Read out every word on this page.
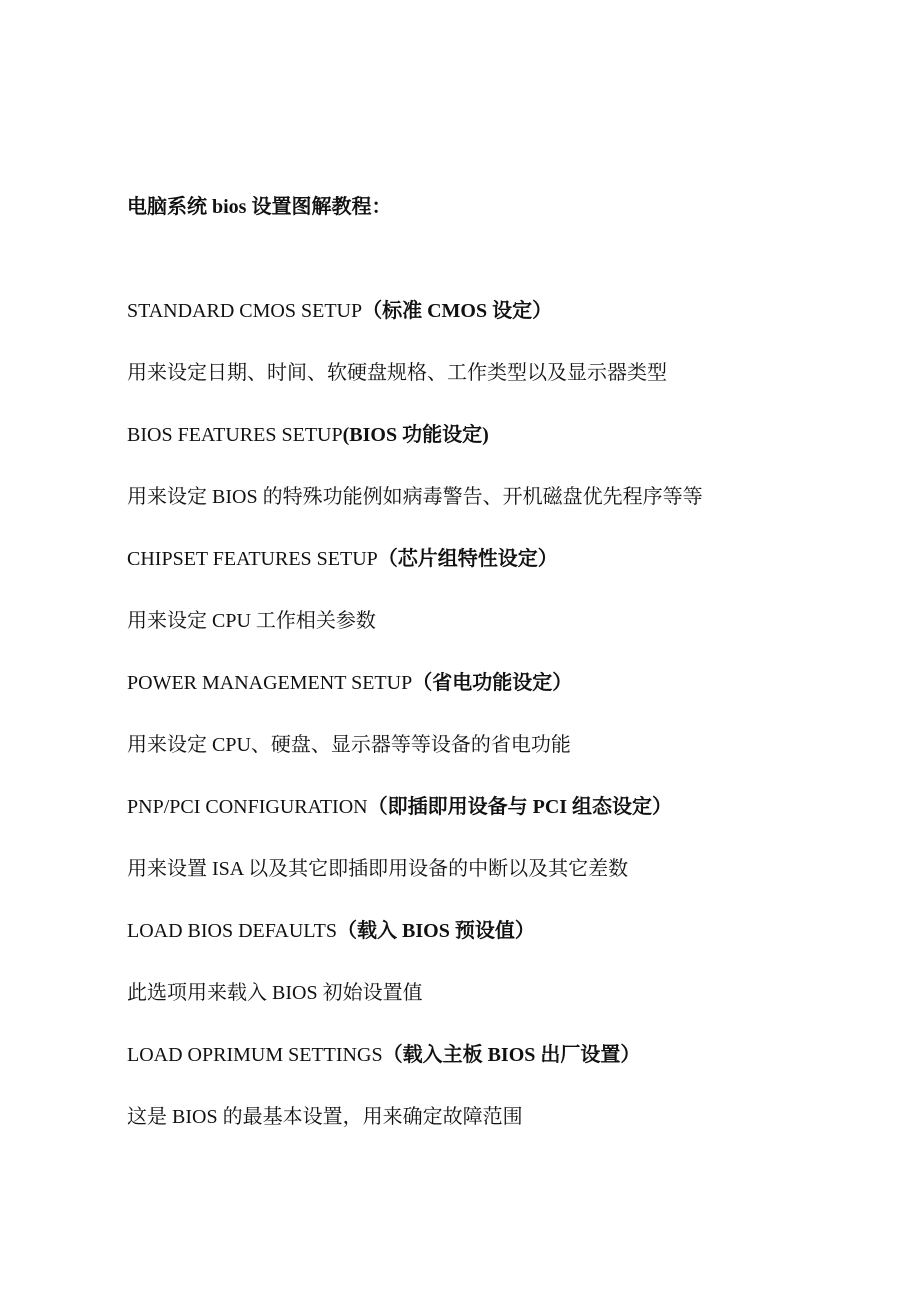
电脑系统 bios 设置图解教程：
STANDARD CMOS SETUP（标准 CMOS 设定）
用来设定日期、时间、软硬盘规格、工作类型以及显示器类型
BIOS FEATURES SETUP(BIOS 功能设定)
用来设定 BIOS 的特殊功能例如病毒警告、开机磁盘优先程序等等
CHIPSET FEATURES SETUP（芯片组特性设定）
用来设定 CPU 工作相关参数
POWER MANAGEMENT SETUP（省电功能设定）
用来设定 CPU、硬盘、显示器等等设备的省电功能
PNP/PCI CONFIGURATION（即插即用设备与 PCI 组态设定）
用来设置 ISA 以及其它即插即用设备的中断以及其它差数
LOAD BIOS DEFAULTS（载入 BIOS 预设值）
此选项用来载入 BIOS 初始设置值
LOAD OPRIMUM SETTINGS（载入主板 BIOS 出厂设置）
这是 BIOS 的最基本设置，用来确定故障范围
